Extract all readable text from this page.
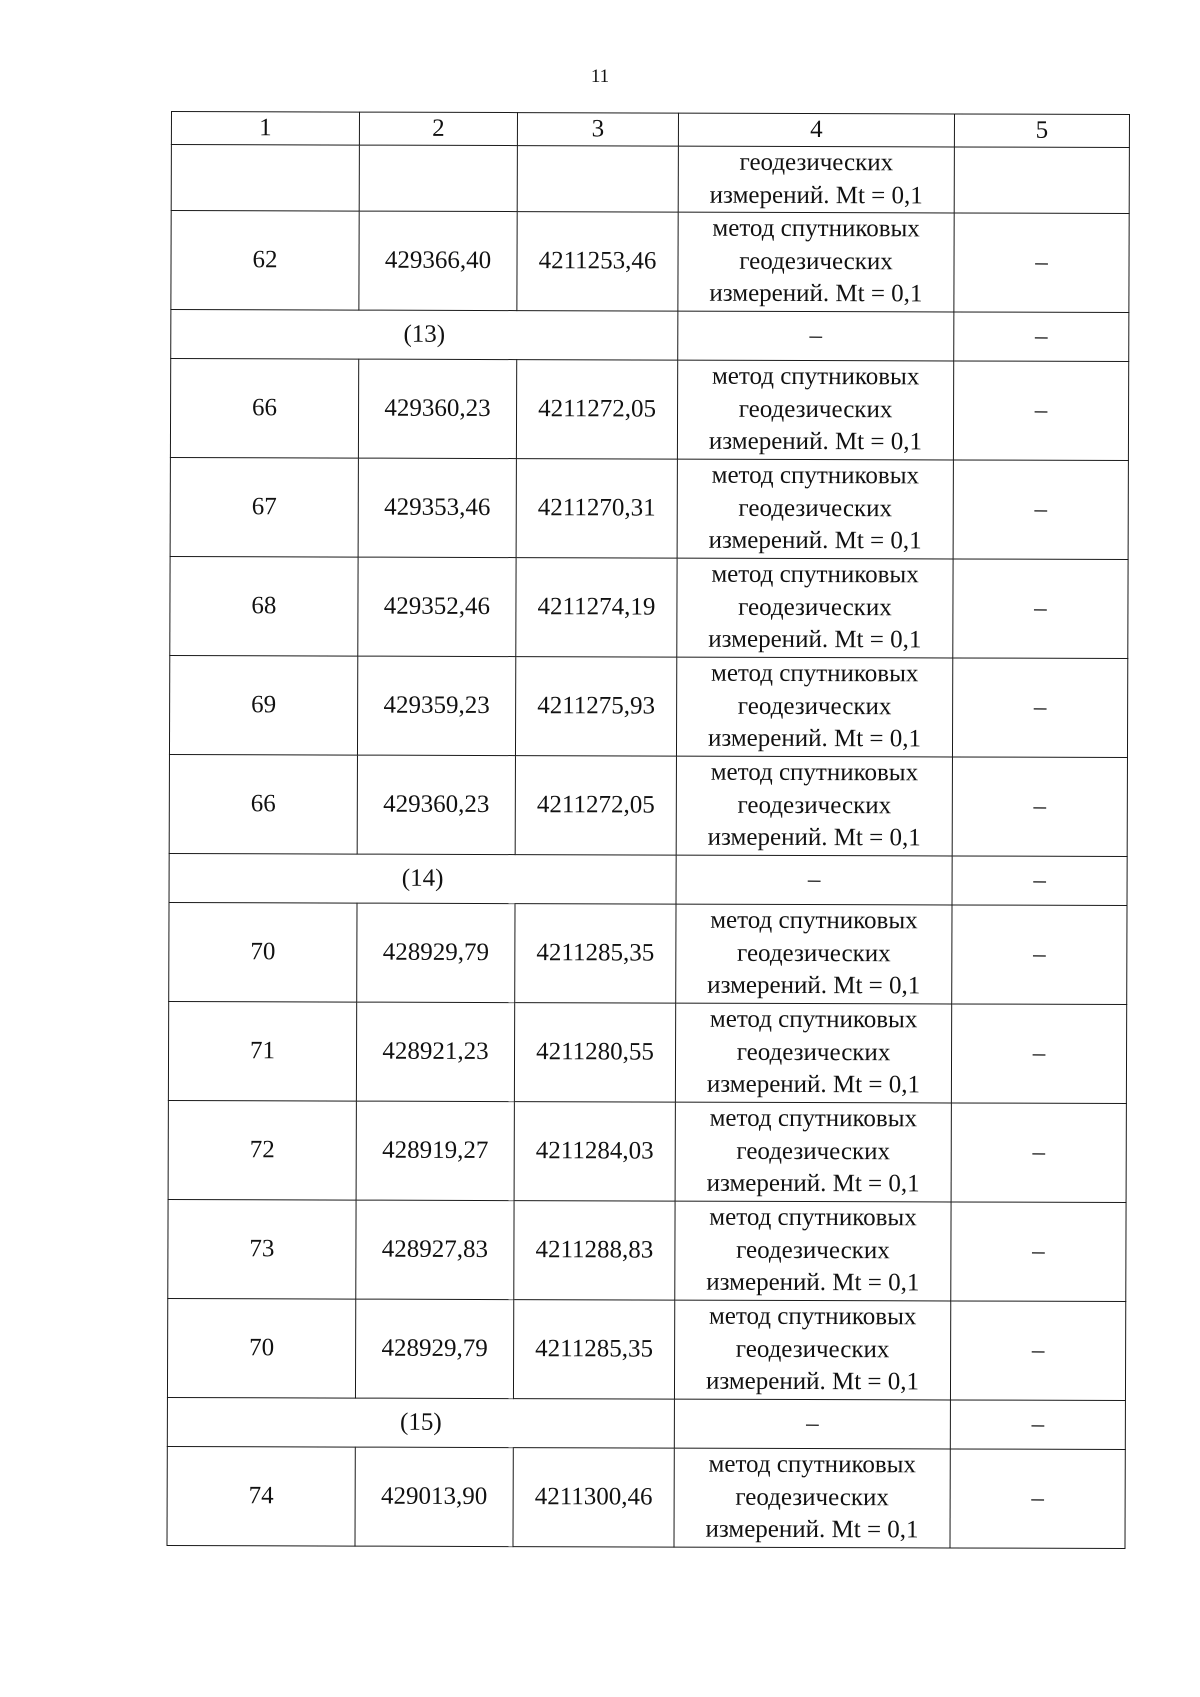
11
1	2	3	4	5

			геодезических
измерений. Mt = 0,1	

62	429366,40	4211253,46	метод спутниковых
геодезических
измерений. Mt = 0,1	–
(13)			–	–
66	429360,23	4211272,05	метод спутниковых
геодезических
измерений. Mt = 0,1	–
67	429353,46	4211270,31	метод спутниковых
геодезических
измерений. Mt = 0,1	–
68	429352,46	4211274,19	метод спутниковых
геодезических
измерений. Mt = 0,1	–
69	429359,23	4211275,93	метод спутниковых
геодезических
измерений. Mt = 0,1	–
66	429360,23	4211272,05	метод спутниковых
геодезических
измерений. Mt = 0,1	–
(14)			–	–
70	428929,79	4211285,35	метод спутниковых
геодезических
измерений. Mt = 0,1	–
71	428921,23	4211280,55	метод спутниковых
геодезических
измерений. Mt = 0,1	–
72	428919,27	4211284,03	метод спутниковых
геодезических
измерений. Mt = 0,1	–
73	428927,83	4211288,83	метод спутниковых
геодезических
измерений. Mt = 0,1	–
70	428929,79	4211285,35	метод спутниковых
геодезических
измерений. Mt = 0,1	–
(15)			–	–
74	429013,90	4211300,46	метод спутниковых
геодезических
измерений. Mt = 0,1	–
